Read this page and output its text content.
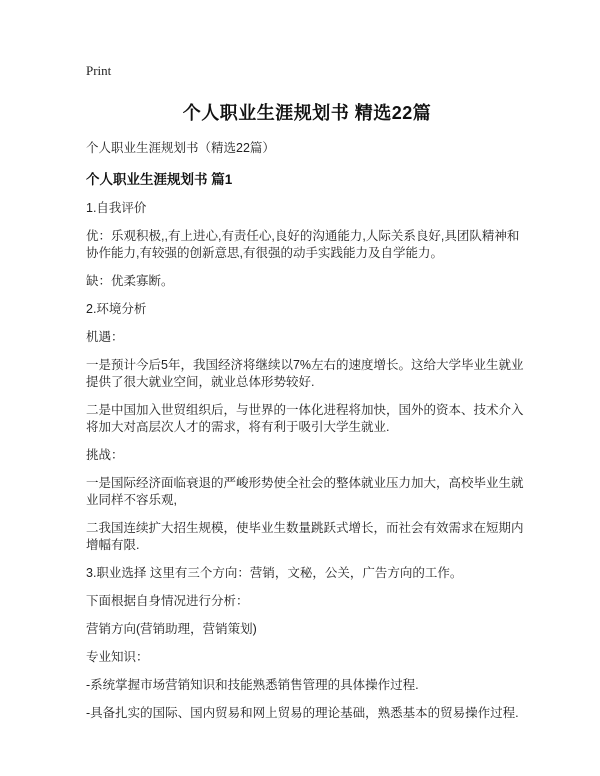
Print
个人职业生涯规划书 精选22篇

个人职业生涯规划书（精选22篇）

个人职业生涯规划书 篇1

1.自我评价

优：乐观积极,,有上进心,有责任心,良好的沟通能力,人际关系良好,具团队精神和协作能力,有较强的创新意思,有很强的动手实践能力及自学能力。

缺：优柔寡断。

2.环境分析

机遇：

一是预计今后5年，我国经济将继续以7%左右的速度增长。这给大学毕业生就业提供了很大就业空间，就业总体形势较好.

二是中国加入世贸组织后，与世界的一体化进程将加快，国外的资本、技术介入将加大对高层次人才的需求，将有利于吸引大学生就业.

挑战：

一是国际经济面临衰退的严峻形势使全社会的整体就业压力加大，高校毕业生就业同样不容乐观,

二我国连续扩大招生规模，使毕业生数量跳跃式增长，而社会有效需求在短期内增幅有限.

3.职业选择 这里有三个方向：营销，文秘，公关，广告方向的工作。

下面根据自身情况进行分析：

营销方向(营销助理，营销策划)

专业知识：

-系统掌握市场营销知识和技能熟悉销售管理的具体操作过程.

-具备扎实的国际、国内贸易和网上贸易的理论基础，熟悉基本的贸易操作过程.
